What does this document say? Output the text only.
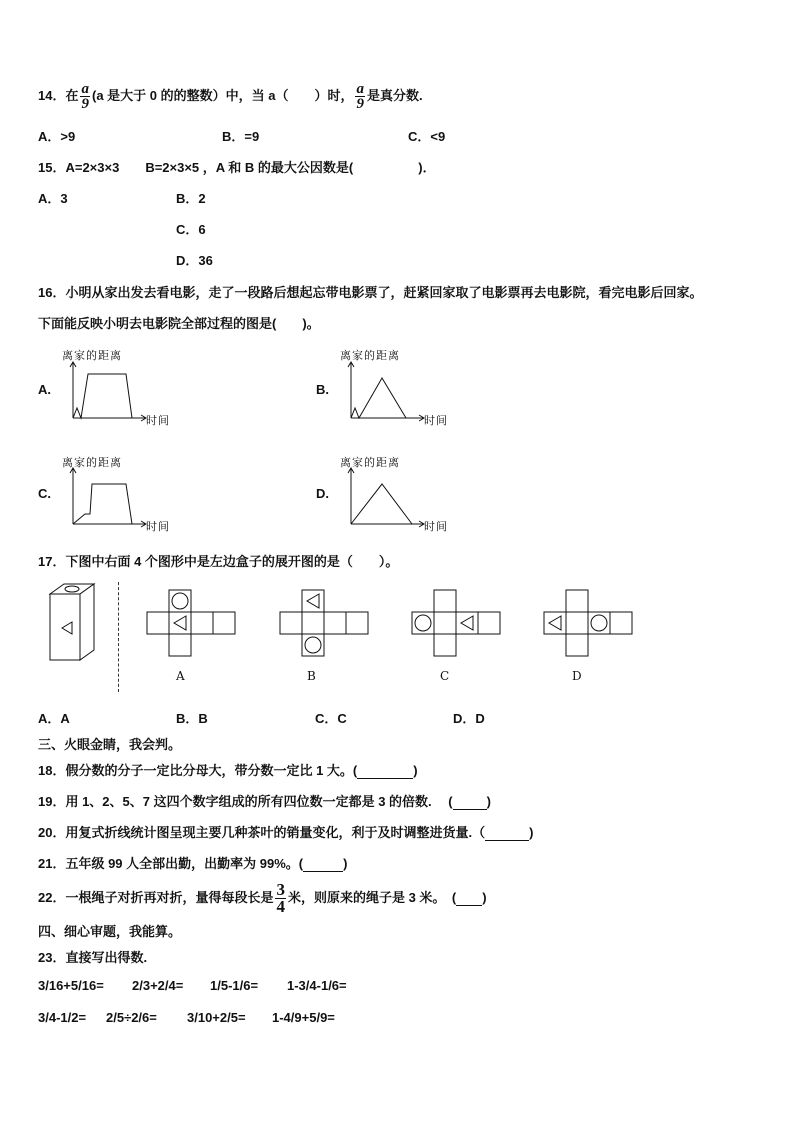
14．在 $\frac{a}{9} (a$ 是大于 0 的的整数）中，当 a（　　）时， $\frac{a}{9}$ 是真分数.
A．>9	B．=9	C．<9
15．A=2×3×3　　B=2×3×5 ，A 和 B 的最大公因数是(　　　　　)．
A．3	B．2
C．6
D．36
16．小明从家出发去看电影，走了一段路后想起忘带电影票了，赶紧回家取了电影票再去电影院，看完电影后回家。
下面能反映小明去电影院全部过程的图是(　　)。
A.
离家的距离
时间
B.
离家的距离
时间
C.
离家的距离
时间
D.
离家的距离
时间
17．下图中右面 4 个图形中是左边盒子的展开图的是（　　）。
A	B	C	D
A．A	B．B	C．C	D．D
三、火眼金睛，我会判。
18．假分数的分子一定比分母大，带分数一定比 1 大。(	)
19．用 1、2、5、7 这四个数字组成的所有四位数一定都是 3 的倍数.　 (	)
20．用复式折线统计图呈现主要几种茶叶的销量变化，利于及时调整进货量.（	)
21．五年级 99 人全部出勤，出勤率为 99%。(	)
22．一根绳子对折再对折，量得每段长是 $\frac{3}{4}$ 米，则原来的绳子是 3 米。　( )
四、细心审题，我能算。
23．直接写出得数.
3/16+5/16= 2/3+2/4= 1/5-1/6= 1-3/4-1/6=
3/4-1/2= 2/5÷2/6= 3/10+2/5= 1-4/9+5/9=
